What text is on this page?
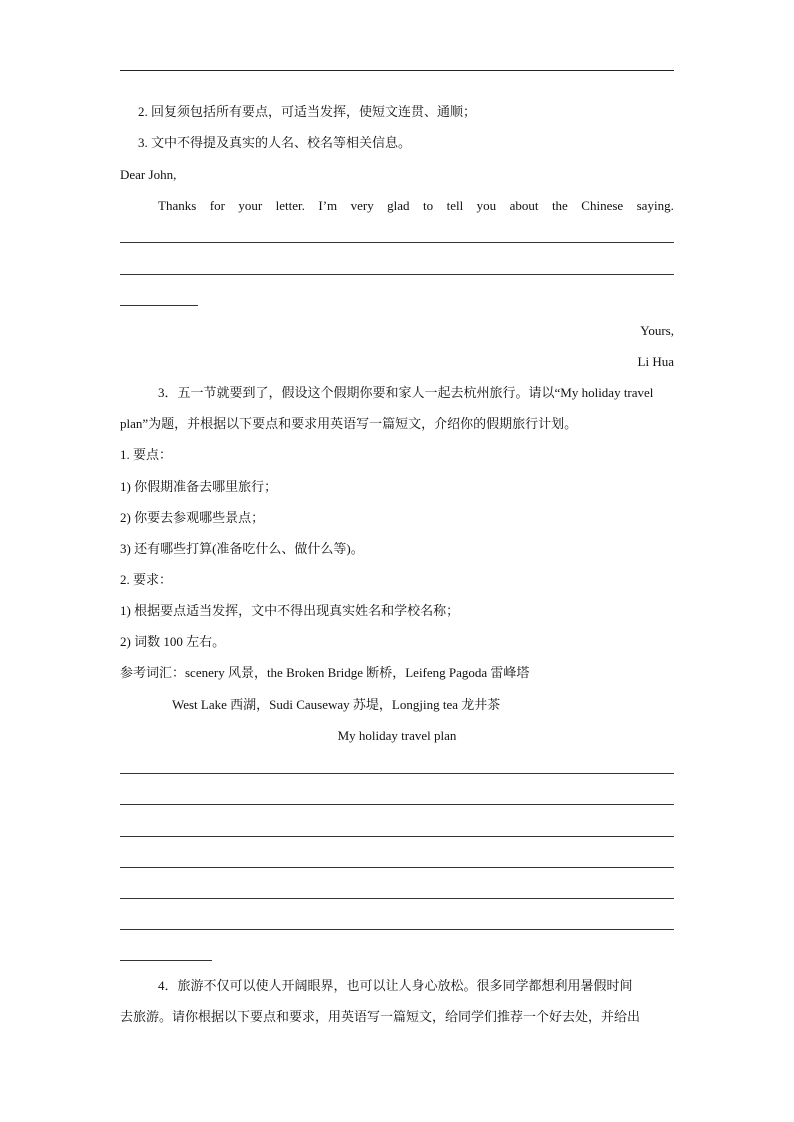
2. 回复须包括所有要点，可适当发挥，使短文连贯、通顺；
3. 文中不得提及真实的人名、校名等相关信息。
Dear John,
Thanks for your letter. I’m very glad to tell you about the Chinese saying.
Yours,
Li Hua
3．五一节就要到了，假设这个假期你要和家人一起去杭州旅行。请以“My holiday travel
plan”为题，并根据以下要点和要求用英语写一篇短文，介绍你的假期旅行计划。
1. 要点：
1) 你假期准备去哪里旅行；
2) 你要去参观哪些景点；
3) 还有哪些打算(准备吃什么、做什么等)。
2. 要求：
1) 根据要点适当发挥，文中不得出现真实姓名和学校名称；
2) 词数 100 左右。
参考词汇：scenery 风景，the Broken Bridge 断桥，Leifeng Pagoda 雷峰塔
West Lake 西湖，Sudi Causeway 苏堤，Longjing tea 龙井茶
My holiday travel plan
4．旅游不仅可以使人开阔眼界，也可以让人身心放松。很多同学都想利用暑假时间
去旅游。请你根据以下要点和要求，用英语写一篇短文，给同学们推荐一个好去处，并给出
